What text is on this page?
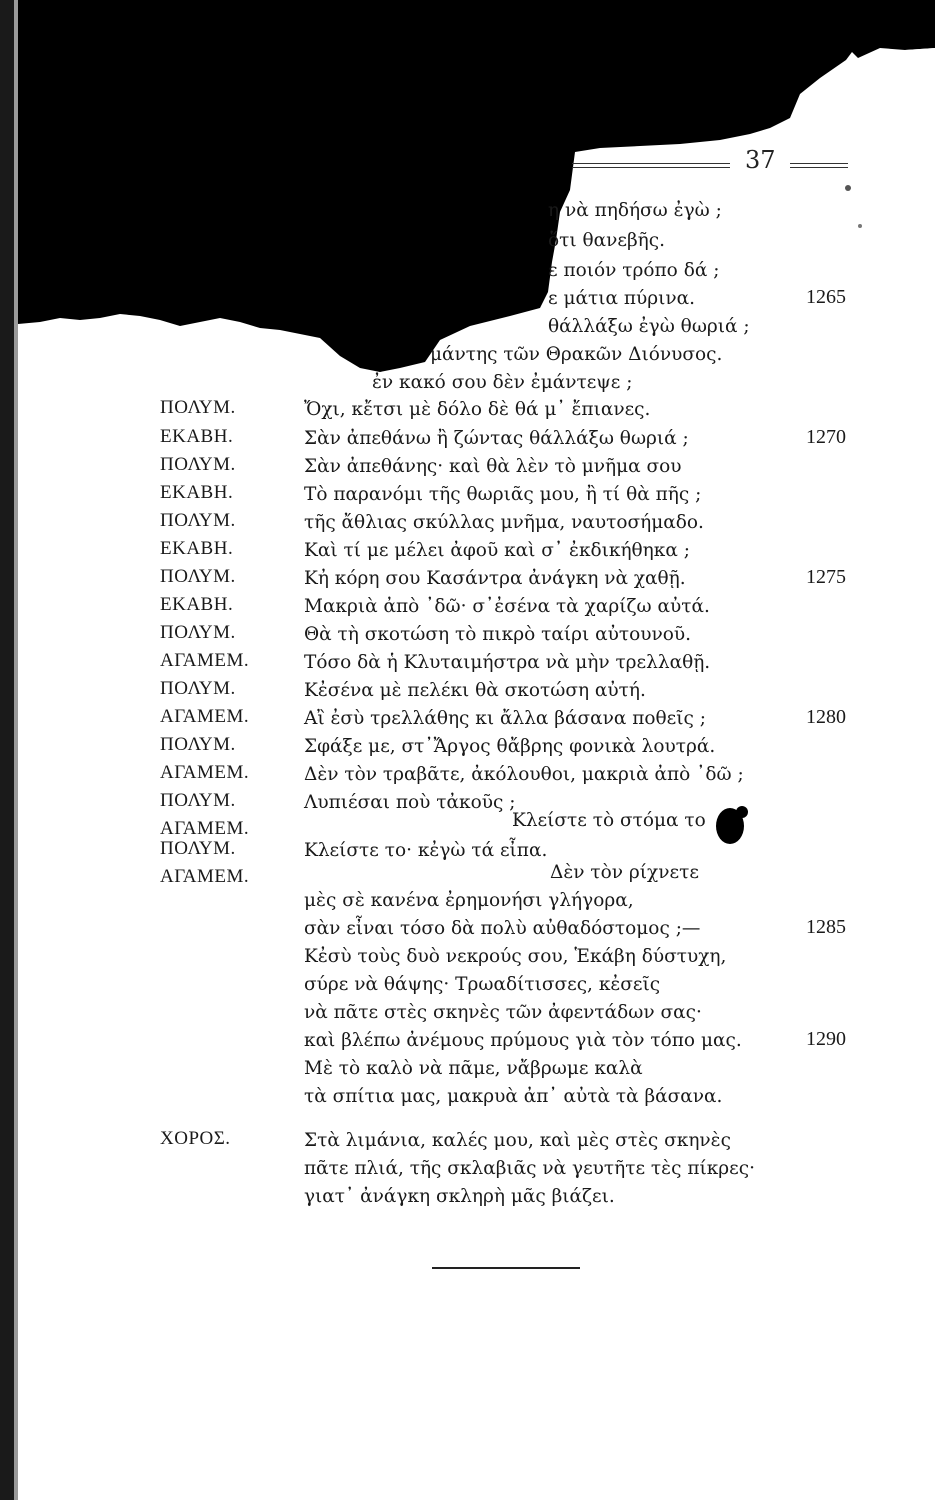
37
η νὰ πηδήσω ἐγὼ ;
ὅτι θανεβῆς.
ε ποιόν τρόπο δά ;
ε μάτια πύρινα.	1265
θάλλάξω ἐγὼ θωριά ;
μάντης τῶν Θρακῶν Διόνυσος.
ἐν κακό σου δὲν ἐμάντεψε ;
ΠΟΛΥΜ.	Ὄχι, κἔτσι μὲ δόλο δὲ θά μ᾽ ἔπιανες.
ΕΚΑΒΗ.	Σὰν ἀπεθάνω ἢ ζώντας θάλλάξω θωριά ;	1270
ΠΟΛΥΜ.	Σὰν ἀπεθάνης· καὶ θὰ λὲν τὸ μνῆμα σου
ΕΚΑΒΗ.	Τὸ παρανόμι τῆς θωριᾶς μου, ἢ τί θὰ πῆς ;
ΠΟΛΥΜ.	τῆς ἄθλιας σκύλλας μνῆμα, ναυτοσήμαδο.
ΕΚΑΒΗ.	Καὶ τί με μέλει ἀφοῦ καὶ σ᾽ ἐκδικήθηκα ;
ΠΟΛΥΜ.	Κἠ κόρη σου Κασάντρα ἀνάγκη νὰ χαθῇ.	1275
ΕΚΑΒΗ.	Μακριὰ ἀπὸ ᾽δῶ· σ᾽ἐσένα τὰ χαρίζω αὐτά.
ΠΟΛΥΜ.	Θὰ τὴ σκοτώση τὸ πικρὸ ταίρι αὐτουνοῦ.
ΑΓΑΜΕΜ.	Τόσο δὰ ἡ Κλυταιμήστρα νὰ μὴν τρελλαθῇ.
ΠΟΛΥΜ.	Κἐσένα μὲ πελέκι θὰ σκοτώση αὐτή.
ΑΓΑΜΕΜ.	Αἲ ἐσὺ τρελλάθης κι ἄλλα βάσανα ποθεῖς ;	1280
ΠΟΛΥΜ.	Σφάξε με, στ᾽Ἄργος θἄβρης φονικὰ λουτρά.
ΑΓΑΜΕΜ.	Δὲν τὸν τραβᾶτε, ἀκόλουθοι, μακριὰ ἀπὸ ᾽δῶ ;
ΠΟΛΥΜ.	Λυπιέσαι ποὺ τἀκοῦς ;
ΑΓΑΜΕΜ.	Κλείστε τὸ στόμα το
ΠΟΛΥΜ.	Κλείστε το· κἐγὼ τά εἶπα.
ΑΓΑΜΕΜ.	Δὲν τὸν ρίχνετε
μὲς σὲ κανένα ἐρημονήσι γλήγορα,
σὰν εἶναι τόσο δὰ πολὺ αὐθαδόστομος ;—	1285
Κἐσὺ τοὺς δυὸ νεκρούς σου, Ἑκάβη δύστυχη,
σύρε νὰ θάψης· Τρωαδίτισσες, κἐσεῖς
νὰ πᾶτε στὲς σκηνὲς τῶν ἀφεντάδων σας·
καὶ βλέπω ἀνέμους πρύμους γιὰ τὸν τόπο μας.	1290
Μὲ τὸ καλὸ νὰ πᾶμε, νἄβρωμε καλὰ
τὰ σπίτια μας, μακρυὰ ἀπ᾽ αὐτὰ τὰ βάσανα.
ΧΟΡΟΣ.	Στὰ λιμάνια, καλές μου, καὶ μὲς στὲς σκηνὲς
πᾶτε πλιά, τῆς σκλαβιᾶς νὰ γευτῆτε τὲς πίκρες·
γιατ᾽ ἀνάγκη σκληρὴ μᾶς βιάζει.
